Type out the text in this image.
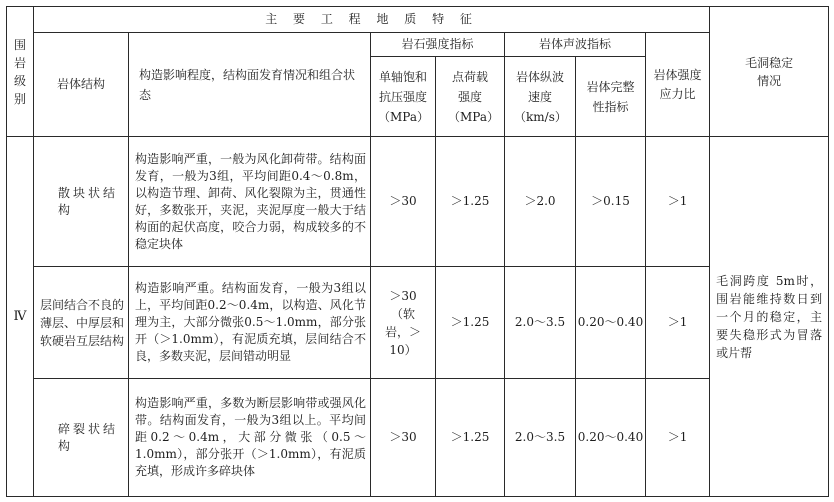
围岩级别	主 要 工 程 地 质 特 征							毛洞稳定情况

	岩体结构	构造影响程度，结构面发育情况和组合状态	岩石强度指标		岩体声波指标		岩体强度应力比	

			单轴饱和抗压强度（MPa）	点荷载强度（MPa）	岩体纵波速度（km/s）	岩体完整性指标		

Ⅳ	散块状结构	构造影响严重，一般为风化卸荷带。结构面发育，一般为3组，平均间距0.4～0.8m，以构造节理、卸荷、风化裂隙为主，贯通性好，多数张开，夹泥，夹泥厚度一般大于结构面的起伏高度，咬合力弱，构成较多的不稳定块体	＞30	＞1.25	＞2.0	＞0.15	＞1	毛洞跨度 5m时，围岩能维持数日到一个月的稳定，主要失稳形式为冒落或片帮
	层间结合不良的薄层、中厚层和软硬岩互层结构	构造影响严重。结构面发育，一般为3组以上，平均间距0.2～0.4m，以构造、风化节理为主，大部分微张0.5～1.0mm，部分张开（＞1.0mm），有泥质充填，层间结合不良，多数夹泥，层间错动明显	＞30（软岩，＞10）	＞1.25	2.0～3.5	0.20～0.40	＞1	
	碎裂状结构	构造影响严重，多数为断层影响带或强风化带。结构面发育，一般为3组以上。平均间距0.2～0.4m，大部分微张（0.5～1.0mm），部分张开（＞1.0mm），有泥质充填，形成许多碎块体	＞30	＞1.25	2.0～3.5	0.20～0.40	＞1	
